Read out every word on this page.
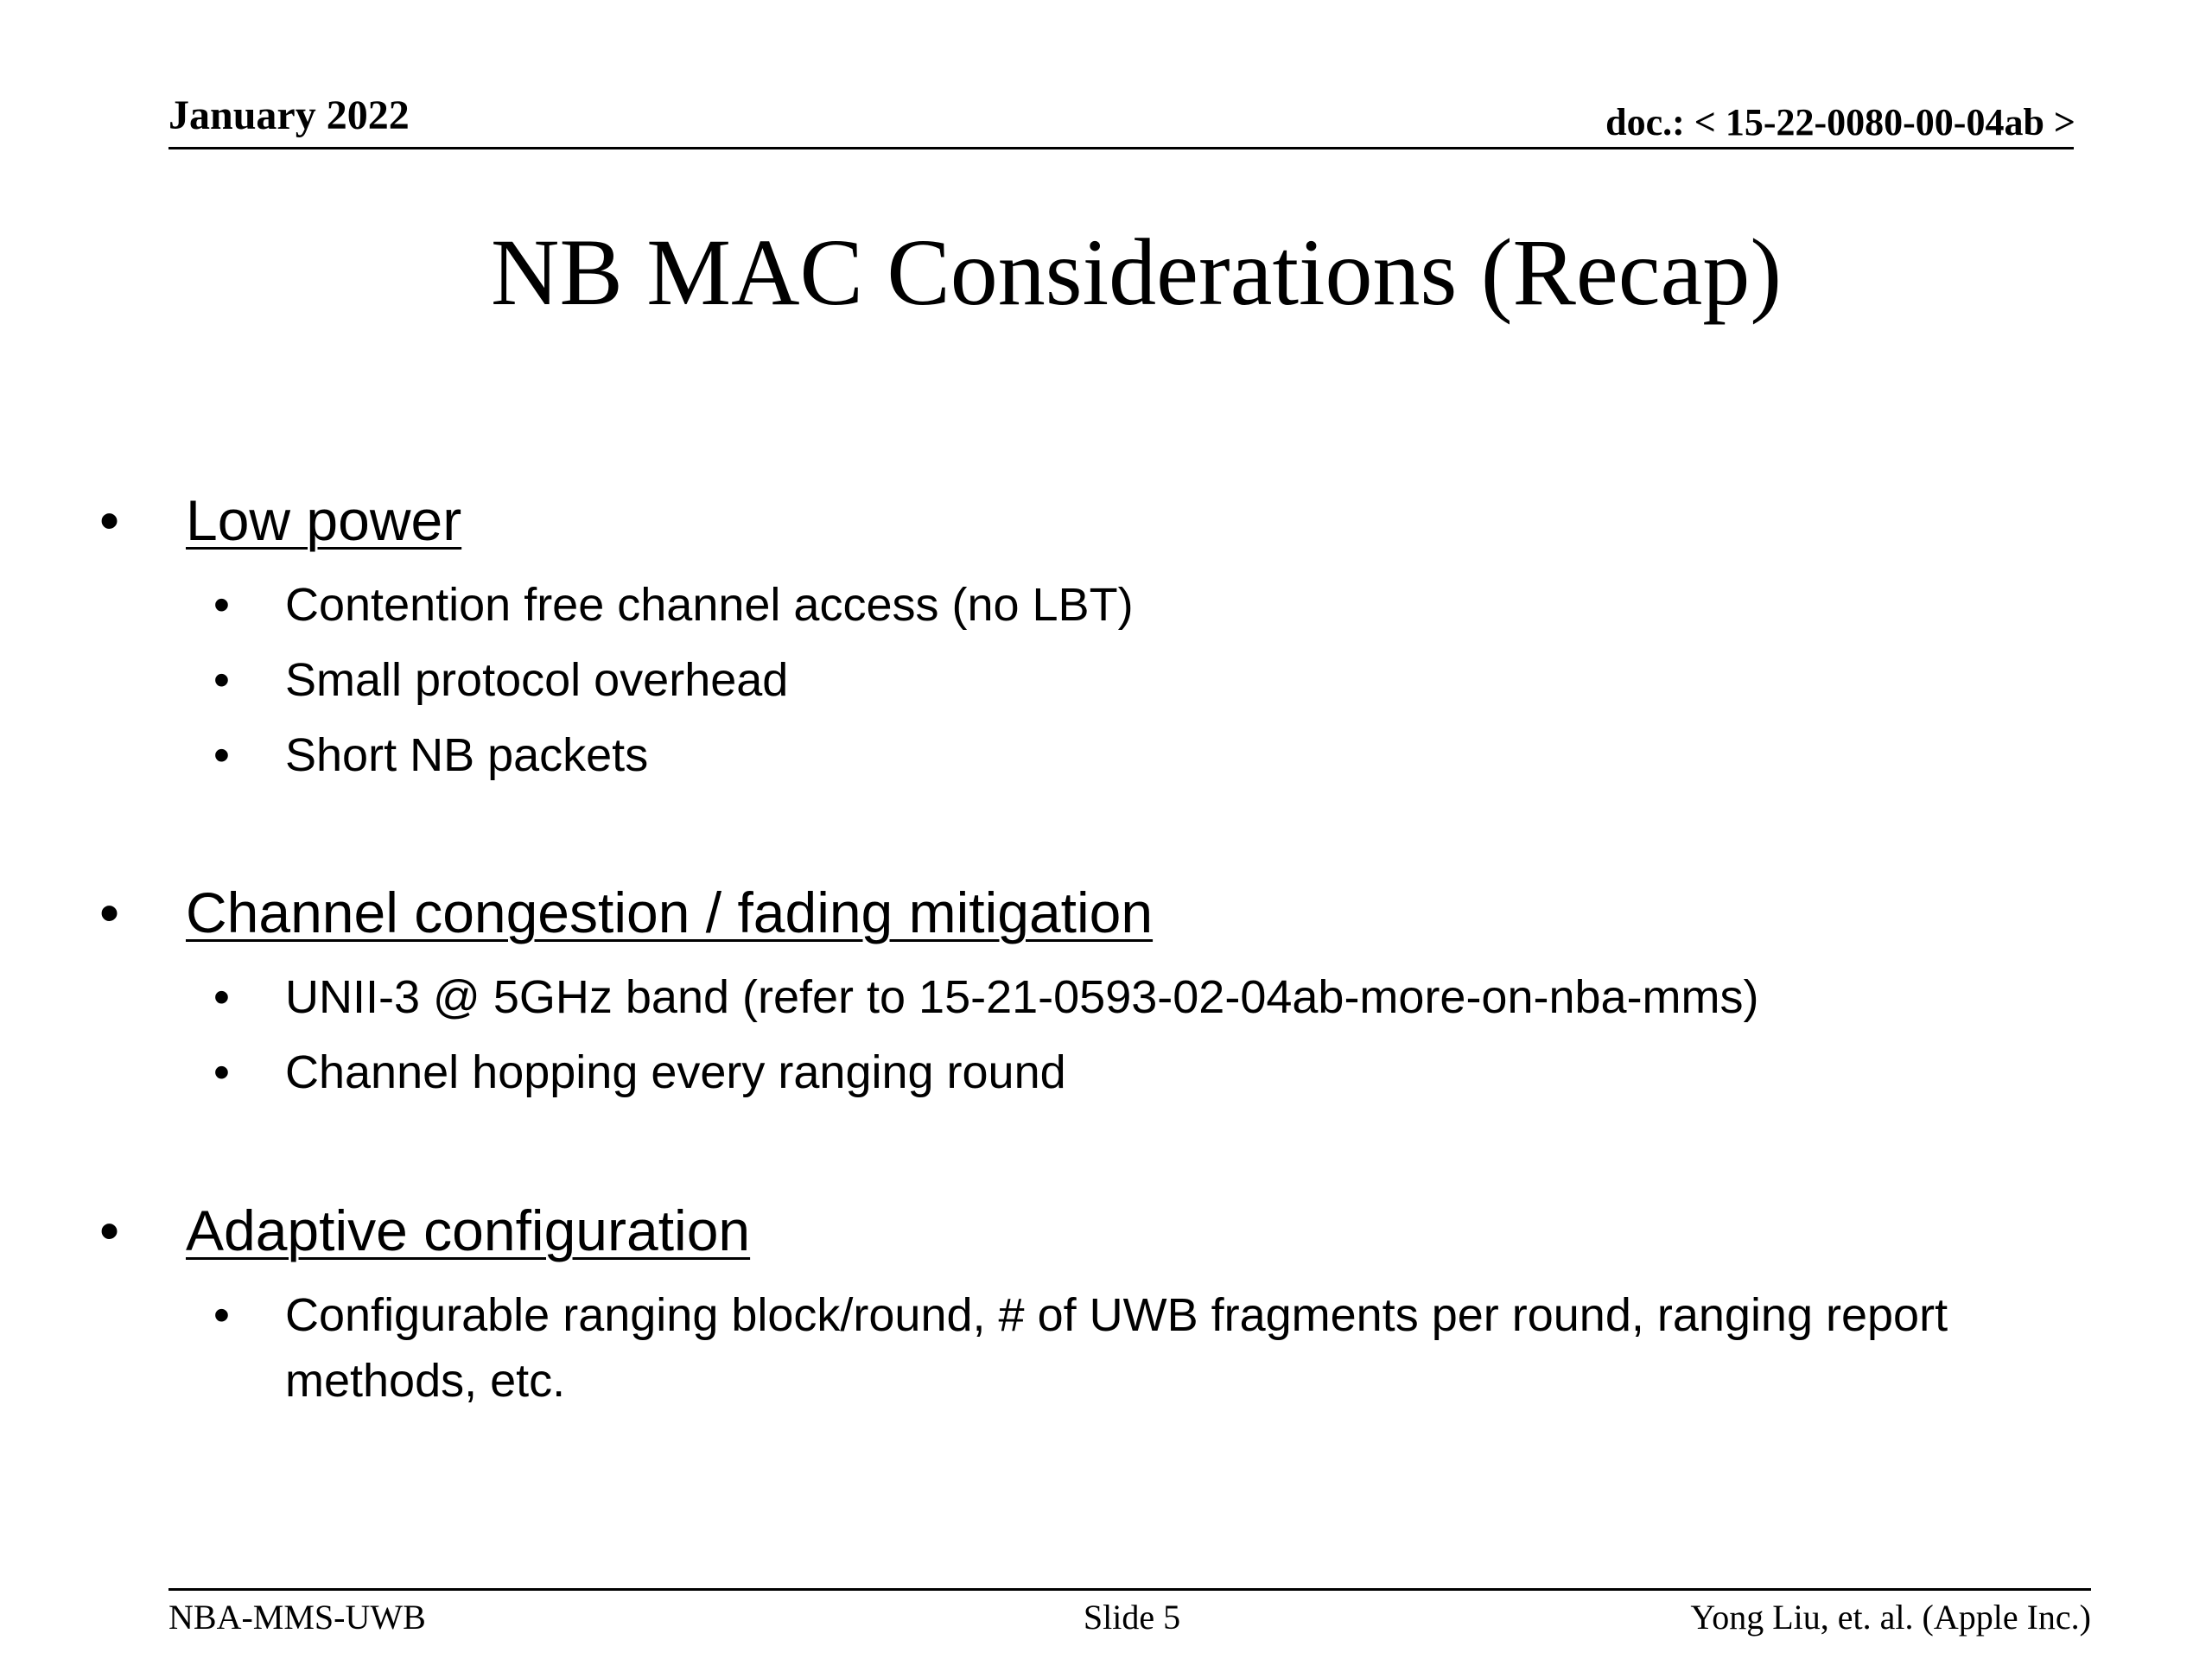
January 2022	doc.: < 15-22-0080-00-04ab >
NB MAC Considerations (Recap)
• Low power
• Contention free channel access (no LBT)
• Small protocol overhead
• Short NB packets
• Channel congestion / fading mitigation
• UNII-3 @ 5GHz band (refer to 15-21-0593-02-04ab-more-on-nba-mms)
• Channel hopping every ranging round
• Adaptive configuration
• Configurable ranging block/round, # of UWB fragments per round, ranging report methods, etc.
NBA-MMS-UWB	Slide 5	Yong Liu, et. al. (Apple Inc.)
